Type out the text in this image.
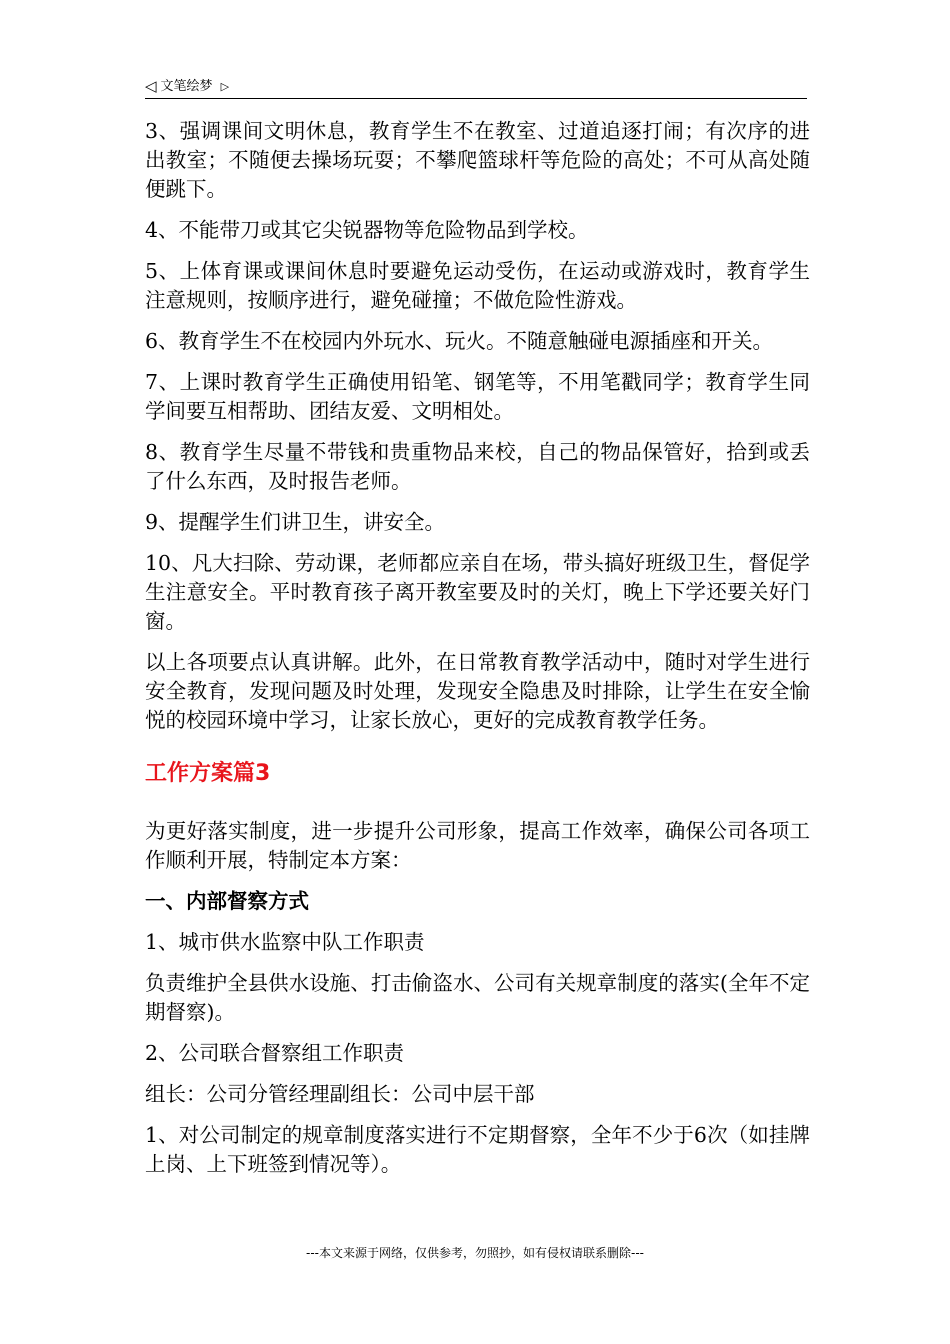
◁ 文笔绘梦 ▷

3、强调课间文明休息，教育学生不在教室、过道追逐打闹；有次序的进出教室；不随便去操场玩耍；不攀爬篮球杆等危险的高处；不可从高处随便跳下。

4、不能带刀或其它尖锐器物等危险物品到学校。

5、上体育课或课间休息时要避免运动受伤，在运动或游戏时，教育学生注意规则，按顺序进行，避免碰撞；不做危险性游戏。

6、教育学生不在校园内外玩水、玩火。不随意触碰电源插座和开关。

7、上课时教育学生正确使用铅笔、钢笔等，不用笔戳同学；教育学生同学间要互相帮助、团结友爱、文明相处。

8、教育学生尽量不带钱和贵重物品来校，自己的物品保管好，拾到或丢了什么东西，及时报告老师。

9、提醒学生们讲卫生，讲安全。

10、凡大扫除、劳动课，老师都应亲自在场，带头搞好班级卫生，督促学生注意安全。平时教育孩子离开教室要及时的关灯，晚上下学还要关好门窗。

以上各项要点认真讲解。此外，在日常教育教学活动中，随时对学生进行安全教育，发现问题及时处理，发现安全隐患及时排除，让学生在安全愉悦的校园环境中学习，让家长放心，更好的完成教育教学任务。

工作方案篇3

为更好落实制度，进一步提升公司形象，提高工作效率，确保公司各项工作顺利开展，特制定本方案：

一、内部督察方式

1、城市供水监察中队工作职责

负责维护全县供水设施、打击偷盗水、公司有关规章制度的落实(全年不定期督察)。

2、公司联合督察组工作职责

组长：公司分管经理副组长：公司中层干部

1、对公司制定的规章制度落实进行不定期督察，全年不少于6次（如挂牌上岗、上下班签到情况等）。

---本文来源于网络，仅供参考，勿照抄，如有侵权请联系删除---
